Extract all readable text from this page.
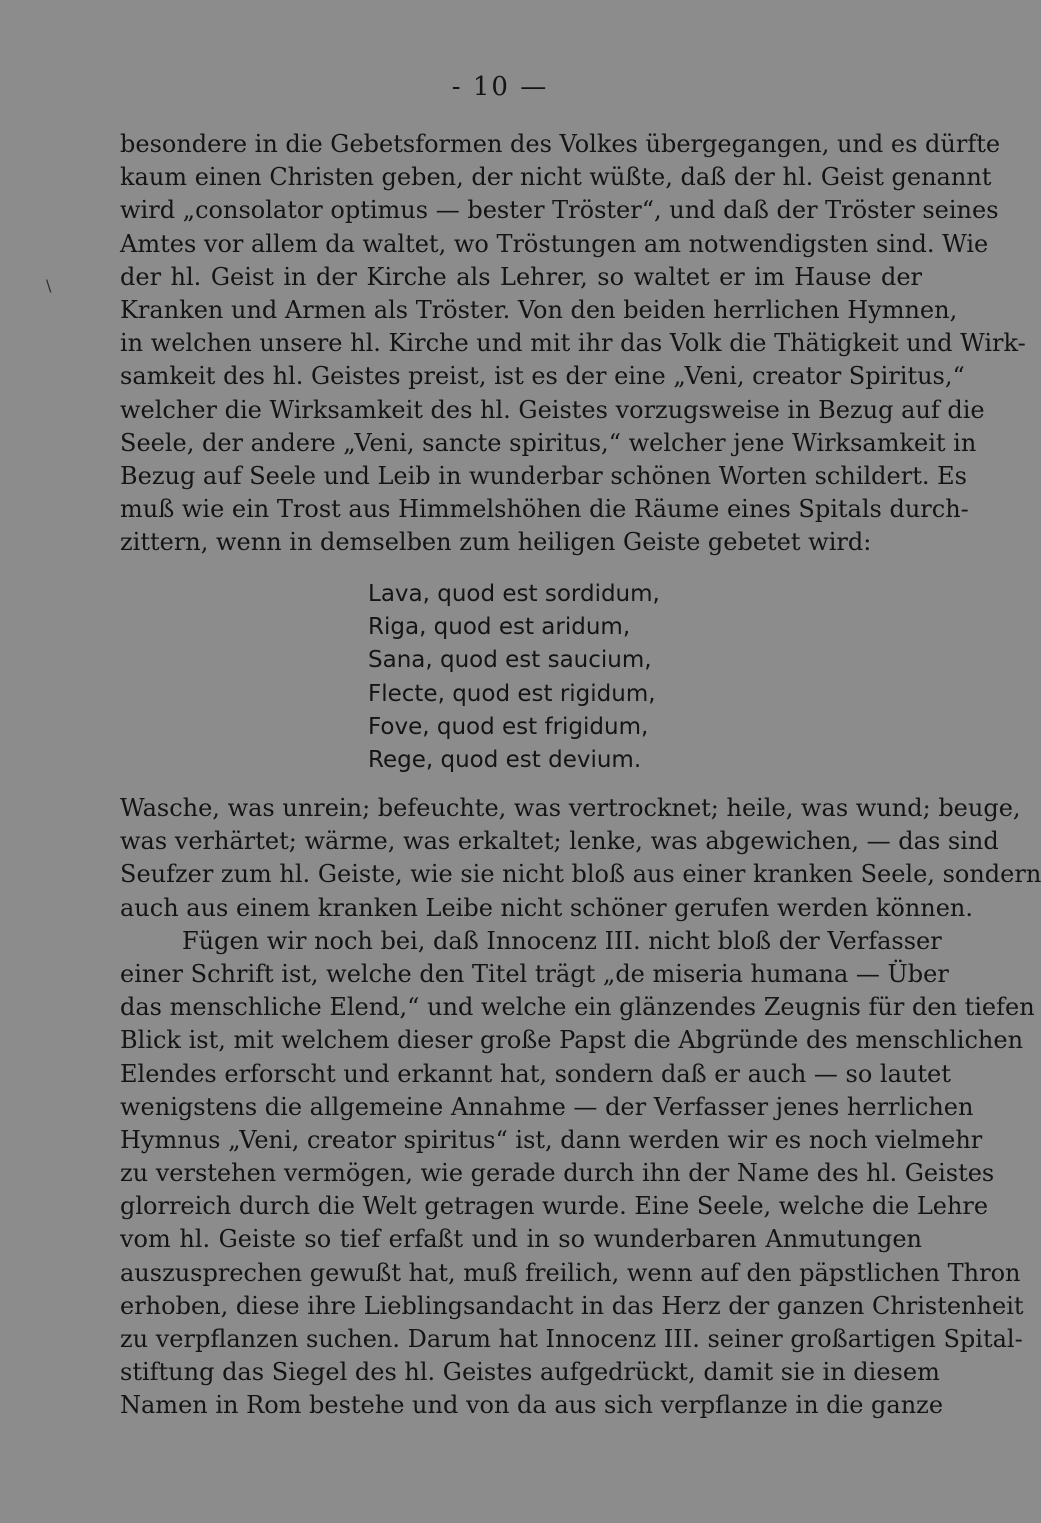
- 10 —
\
besondere in die Gebetsformen des Volkes übergegangen, und es dürfte
kaum einen Christen geben, der nicht wüßte, daß der hl. Geist genannt
wird „consolator optimus — bester Tröster“, und daß der Tröster seines
Amtes vor allem da waltet, wo Tröstungen am notwendigsten sind. Wie
der hl. Geist in der Kirche als Lehrer, so waltet er im Hause der
Kranken und Armen als Tröster. Von den beiden herrlichen Hymnen,
in welchen unsere hl. Kirche und mit ihr das Volk die Thätigkeit und Wirk-
samkeit des hl. Geistes preist, ist es der eine „Veni, creator Spiritus,“
welcher die Wirksamkeit des hl. Geistes vorzugsweise in Bezug auf die
Seele, der andere „Veni, sancte spiritus,“ welcher jene Wirksamkeit in
Bezug auf Seele und Leib in wunderbar schönen Worten schildert. Es
muß wie ein Trost aus Himmelshöhen die Räume eines Spitals durch-
zittern, wenn in demselben zum heiligen Geiste gebetet wird:
Lava, quod est sordidum,
Riga, quod est aridum,
Sana, quod est saucium,
Flecte, quod est rigidum,
Fove, quod est frigidum,
Rege, quod est devium.
Wasche, was unrein; befeuchte, was vertrocknet; heile, was wund; beuge,
was verhärtet; wärme, was erkaltet; lenke, was abgewichen, — das sind
Seufzer zum hl. Geiste, wie sie nicht bloß aus einer kranken Seele, sondern
auch aus einem kranken Leibe nicht schöner gerufen werden können.
Fügen wir noch bei, daß Innocenz III. nicht bloß der Verfasser
einer Schrift ist, welche den Titel trägt „de miseria humana — Über
das menschliche Elend,“ und welche ein glänzendes Zeugnis für den tiefen
Blick ist, mit welchem dieser große Papst die Abgründe des menschlichen
Elendes erforscht und erkannt hat, sondern daß er auch — so lautet
wenigstens die allgemeine Annahme — der Verfasser jenes herrlichen
Hymnus „Veni, creator spiritus“ ist, dann werden wir es noch vielmehr
zu verstehen vermögen, wie gerade durch ihn der Name des hl. Geistes
glorreich durch die Welt getragen wurde. Eine Seele, welche die Lehre
vom hl. Geiste so tief erfaßt und in so wunderbaren Anmutungen
auszusprechen gewußt hat, muß freilich, wenn auf den päpstlichen Thron
erhoben, diese ihre Lieblingsandacht in das Herz der ganzen Christenheit
zu verpflanzen suchen. Darum hat Innocenz III. seiner großartigen Spital-
stiftung das Siegel des hl. Geistes aufgedrückt, damit sie in diesem
Namen in Rom bestehe und von da aus sich verpflanze in die ganze
